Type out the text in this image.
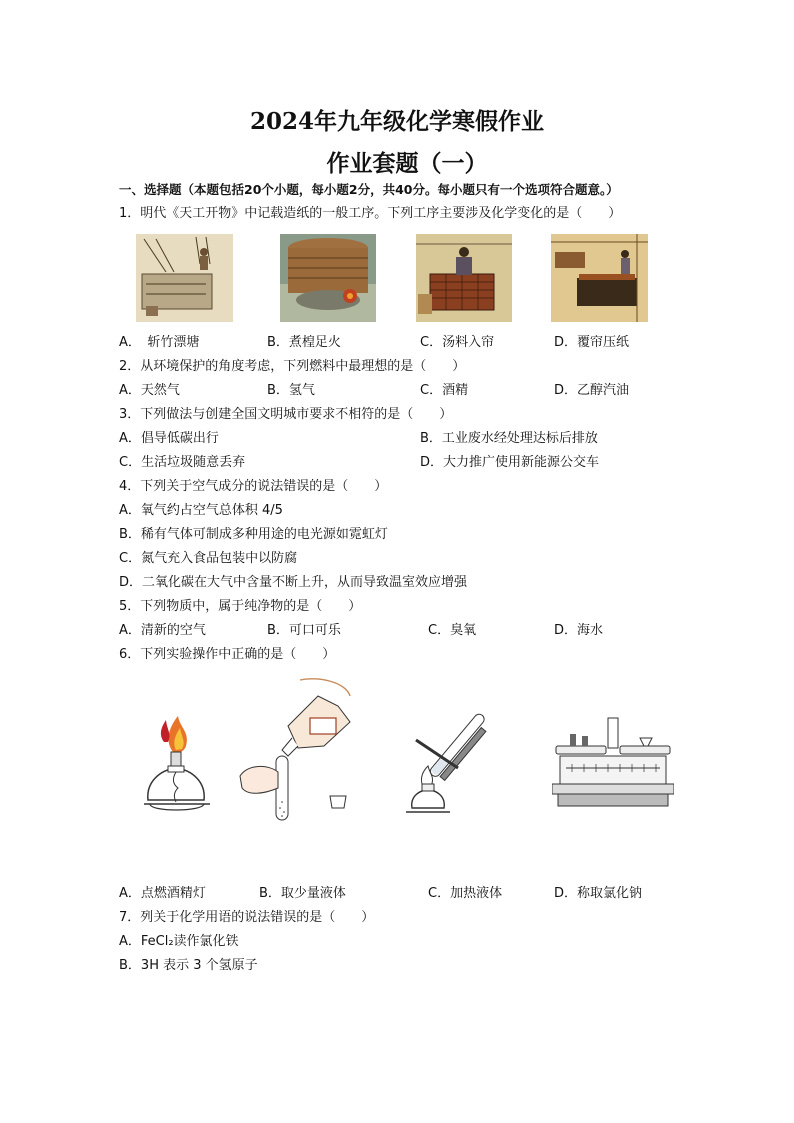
2024年九年级化学寒假作业
作业套题（一）
一、选择题（本题包括20个小题，每小题2分，共40分。每小题只有一个选项符合题意。）
1．明代《天工开物》中记载造纸的一般工序。下列工序主要涉及化学变化的是（　　）
A．　斩竹漂塘	B．煮楻足火	C．汤料入帘	D．覆帘压纸
2．从环境保护的角度考虑，下列燃料中最理想的是（　　）
A．天然气	B．氢气	C．酒精	D．乙醇汽油
3．下列做法与创建全国文明城市要求不相符的是（　　）
A．倡导低碳出行	B．工业废水经处理达标后排放
C．生活垃圾随意丢弃	D．大力推广使用新能源公交车
4．下列关于空气成分的说法错误的是（　　）
A．氧气约占空气总体积 4/5
B．稀有气体可制成多种用途的电光源如霓虹灯
C．氮气充入食品包装中以防腐
D．二氧化碳在大气中含量不断上升，从而导致温室效应增强
5．下列物质中，属于纯净物的是（　　）
A．清新的空气	B．可口可乐	C．臭氧	D．海水
6．下列实验操作中正确的是（　　）
A．点燃酒精灯	B．取少量液体	C．加热液体	D．称取氯化钠
7．列关于化学用语的说法错误的是（　　）
A．FeCl₂读作氯化铁
B．3H 表示 3 个氢原子
